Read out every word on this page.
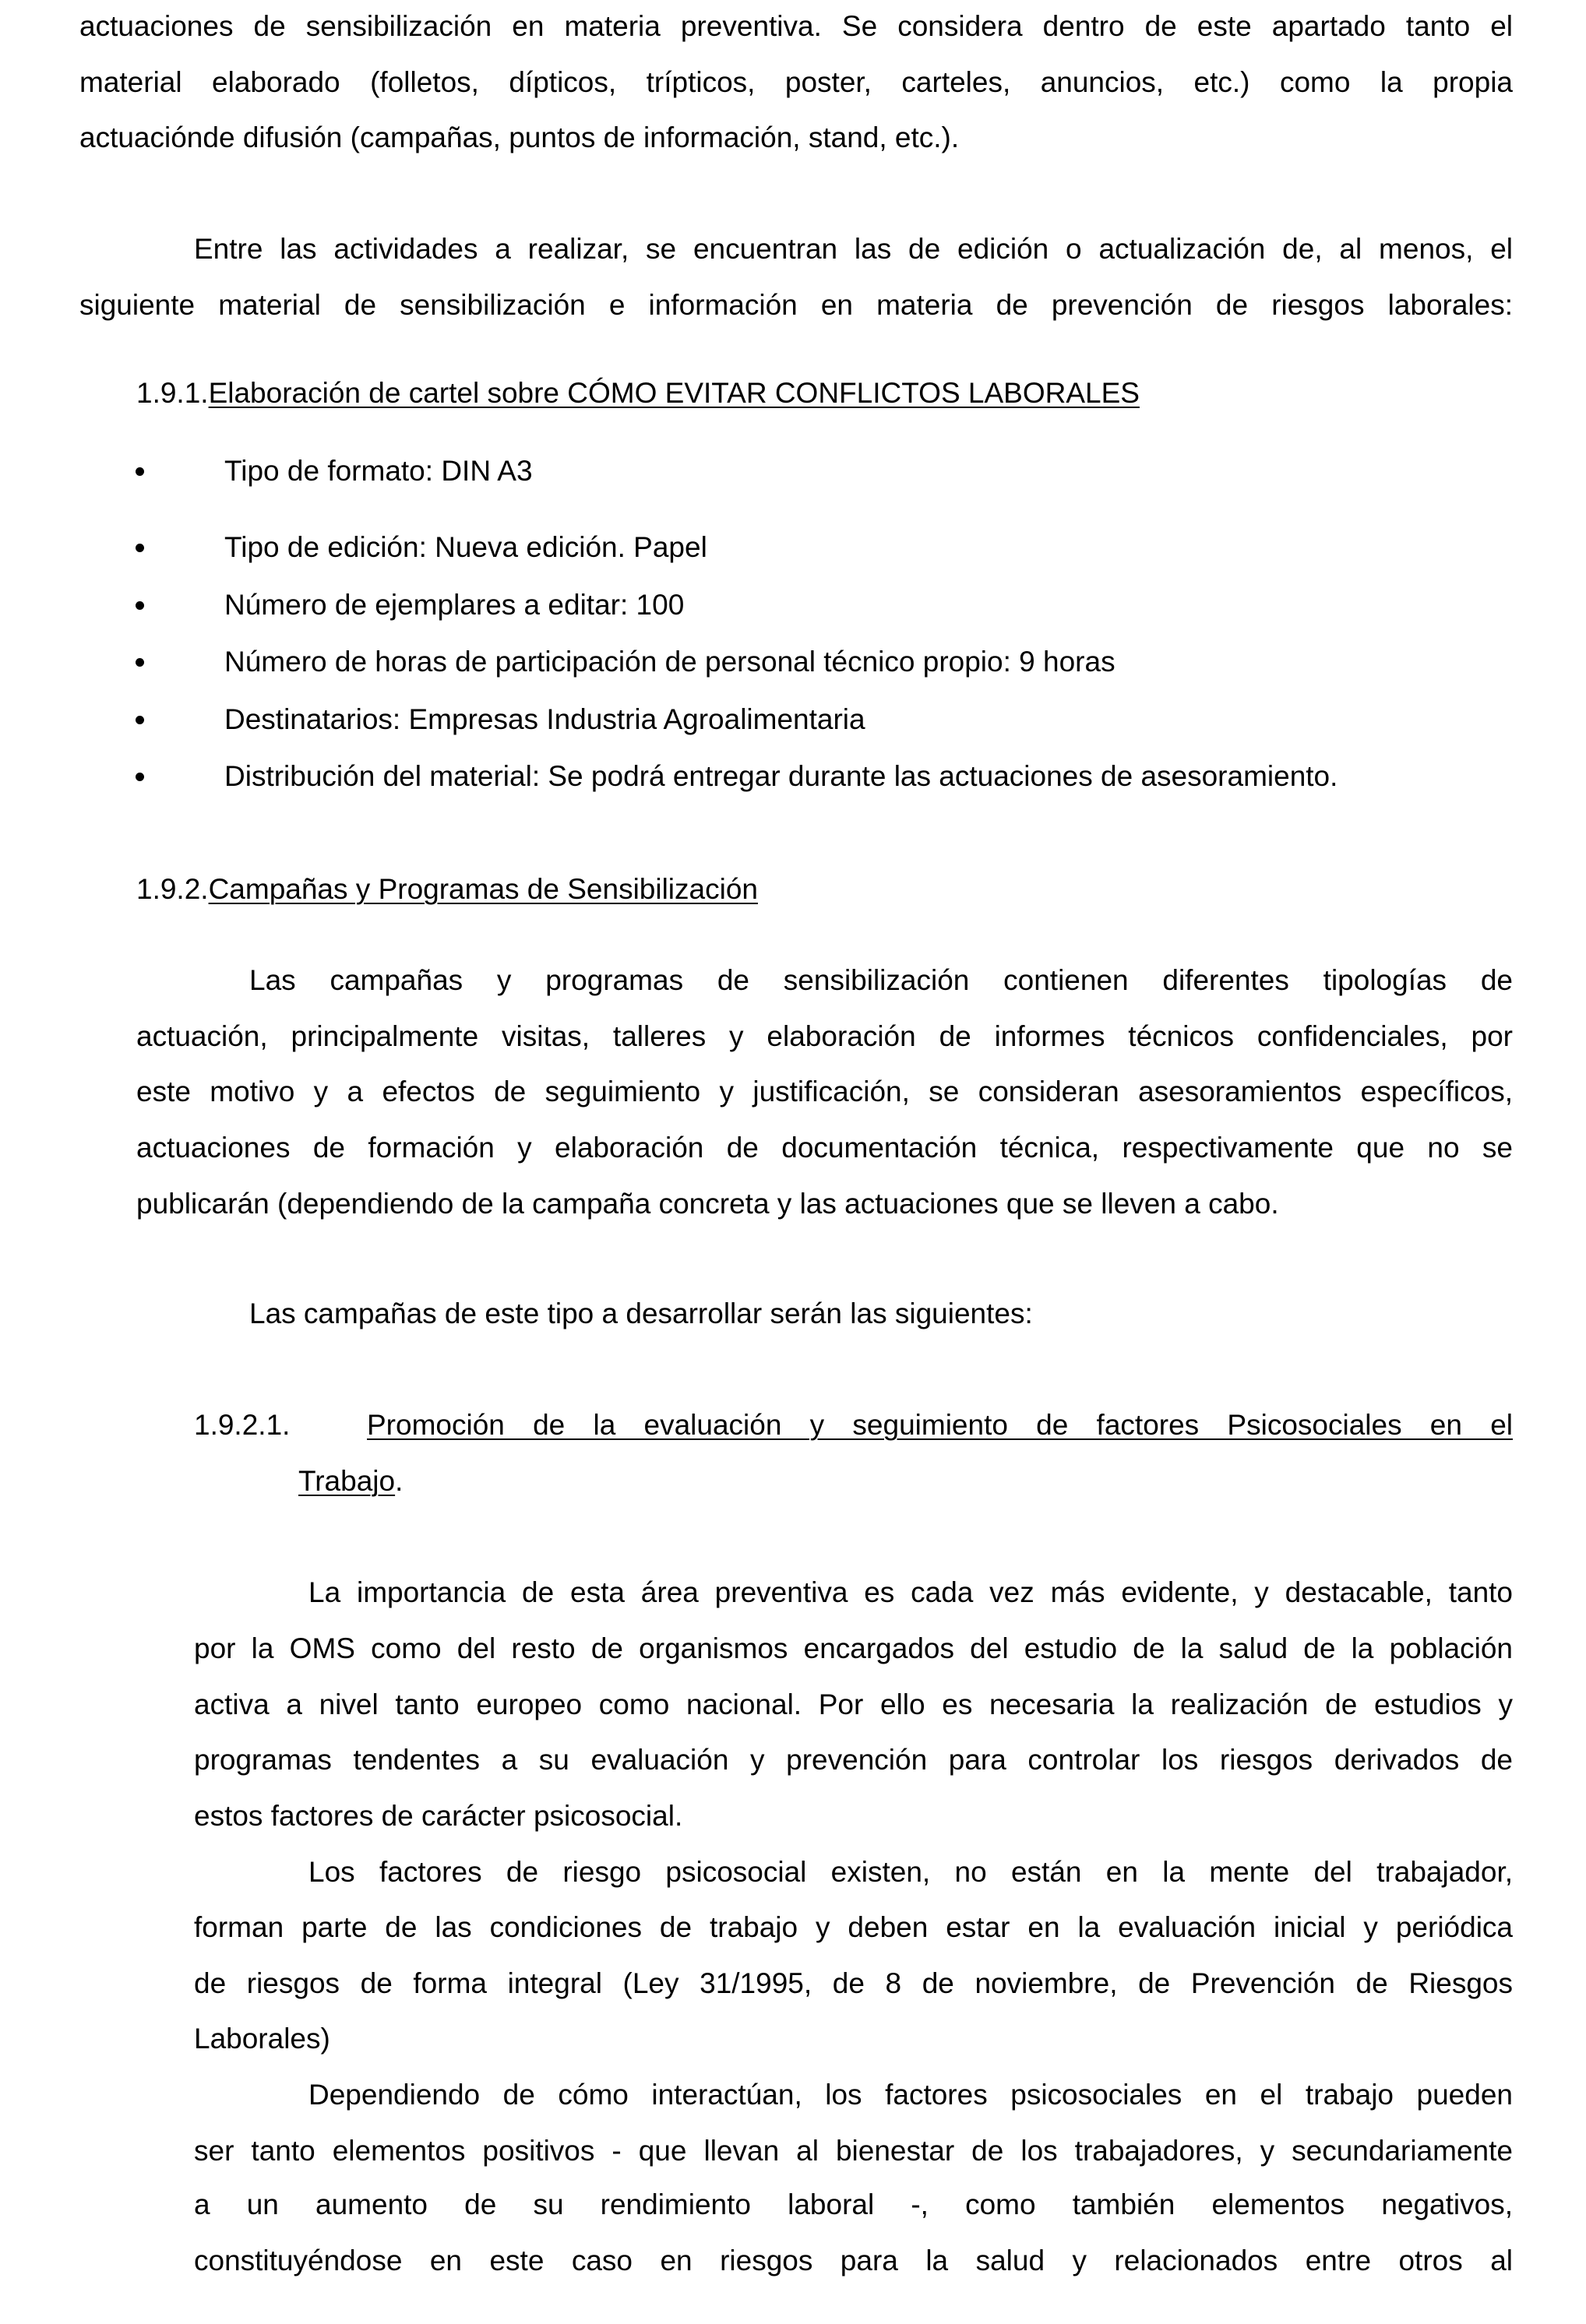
actuaciones de sensibilización en materia preventiva. Se considera dentro de este apartado tanto el
material elaborado (folletos, dípticos, trípticos, poster, carteles, anuncios, etc.) como la propia
actuaciónde difusión (campañas, puntos de información, stand, etc.).
Entre las actividades a realizar, se encuentran las de edición o actualización de, al menos, el
siguiente material de sensibilización e información en materia de prevención de riesgos laborales:
1.9.1.Elaboración de cartel sobre CÓMO EVITAR CONFLICTOS LABORALES
Tipo de formato: DIN A3
Tipo de edición: Nueva edición. Papel
Número de ejemplares a editar: 100
Número de horas de participación de personal técnico propio: 9 horas
Destinatarios: Empresas Industria Agroalimentaria
Distribución del material: Se podrá entregar durante las actuaciones de asesoramiento.
1.9.2.Campañas y Programas de Sensibilización
Las campañas y programas de sensibilización contienen diferentes tipologías de
actuación, principalmente visitas, talleres y elaboración de informes técnicos confidenciales, por
este motivo y a efectos de seguimiento y justificación, se consideran asesoramientos específicos,
actuaciones de formación y elaboración de documentación técnica, respectivamente que no se
publicarán (dependiendo de la campaña concreta y las actuaciones que se lleven a cabo.
Las campañas de este tipo a desarrollar serán las siguientes:
1.9.2.1.	Promoción de la evaluación y seguimiento de factores Psicosociales en el
Trabajo.
La importancia de esta área preventiva es cada vez más evidente, y destacable, tanto
por la OMS como del resto de organismos encargados del estudio de la salud de la población
activa a nivel tanto europeo como nacional. Por ello es necesaria la realización de estudios y
programas tendentes a su evaluación y prevención para controlar los riesgos derivados de
estos factores de carácter psicosocial.
Los factores de riesgo psicosocial existen, no están en la mente del trabajador,
forman parte de las condiciones de trabajo y deben estar en la evaluación inicial y periódica
de riesgos de forma integral (Ley 31/1995, de 8 de noviembre, de Prevención de Riesgos
Laborales)
Dependiendo de cómo interactúan, los factores psicosociales en el trabajo pueden
ser tanto elementos positivos - que llevan al bienestar de los trabajadores, y secundariamente
a un aumento de su rendimiento laboral -, como también elementos negativos,
constituyéndose en este caso en riesgos para la salud y relacionados entre otros al
